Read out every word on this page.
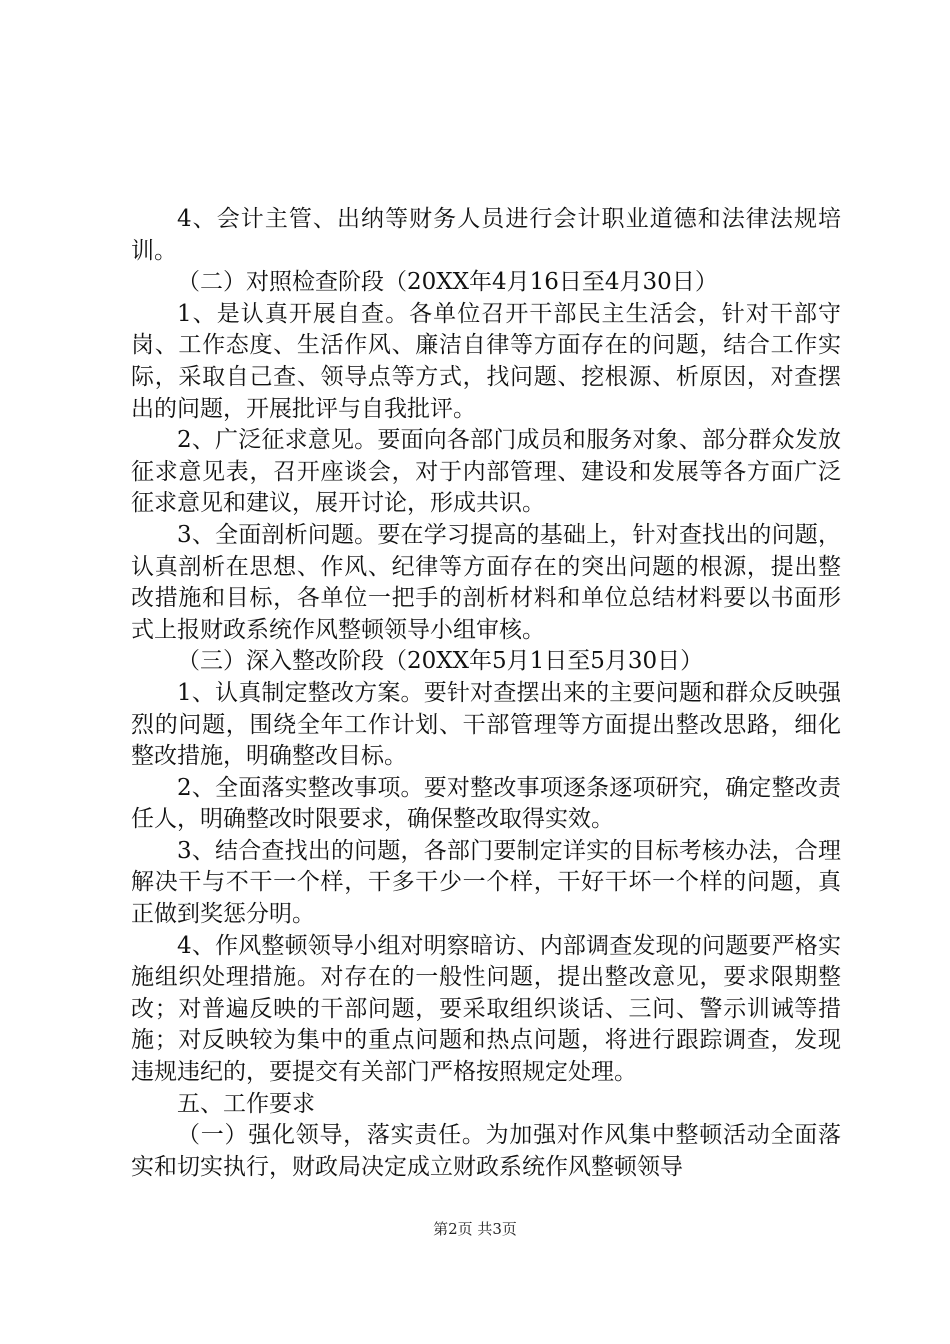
4、会计主管、出纳等财务人员进行会计职业道德和法律法规培训。

（二）对照检查阶段（20XX年4月16日至4月30日）

1、是认真开展自查。各单位召开干部民主生活会，针对干部守岗、工作态度、生活作风、廉洁自律等方面存在的问题，结合工作实际，采取自己查、领导点等方式，找问题、挖根源、析原因，对查摆出的问题，开展批评与自我批评。

2、广泛征求意见。要面向各部门成员和服务对象、部分群众发放征求意见表，召开座谈会，对于内部管理、建设和发展等各方面广泛征求意见和建议，展开讨论，形成共识。

3、全面剖析问题。要在学习提高的基础上，针对查找出的问题，认真剖析在思想、作风、纪律等方面存在的突出问题的根源，提出整改措施和目标，各单位一把手的剖析材料和单位总结材料要以书面形式上报财政系统作风整顿领导小组审核。

（三）深入整改阶段（20XX年5月1日至5月30日）

1、认真制定整改方案。要针对查摆出来的主要问题和群众反映强烈的问题，围绕全年工作计划、干部管理等方面提出整改思路，细化整改措施，明确整改目标。

2、全面落实整改事项。要对整改事项逐条逐项研究，确定整改责任人，明确整改时限要求，确保整改取得实效。

3、结合查找出的问题，各部门要制定详实的目标考核办法，合理解决干与不干一个样，干多干少一个样，干好干坏一个样的问题，真正做到奖惩分明。

4、作风整顿领导小组对明察暗访、内部调查发现的问题要严格实施组织处理措施。对存在的一般性问题，提出整改意见，要求限期整改；对普遍反映的干部问题，要采取组织谈话、三问、警示训诫等措施；对反映较为集中的重点问题和热点问题，将进行跟踪调查，发现违规违纪的，要提交有关部门严格按照规定处理。

五、工作要求

（一）强化领导，落实责任。为加强对作风集中整顿活动全面落实和切实执行，财政局决定成立财政系统作风整顿领导

第2页 共3页
